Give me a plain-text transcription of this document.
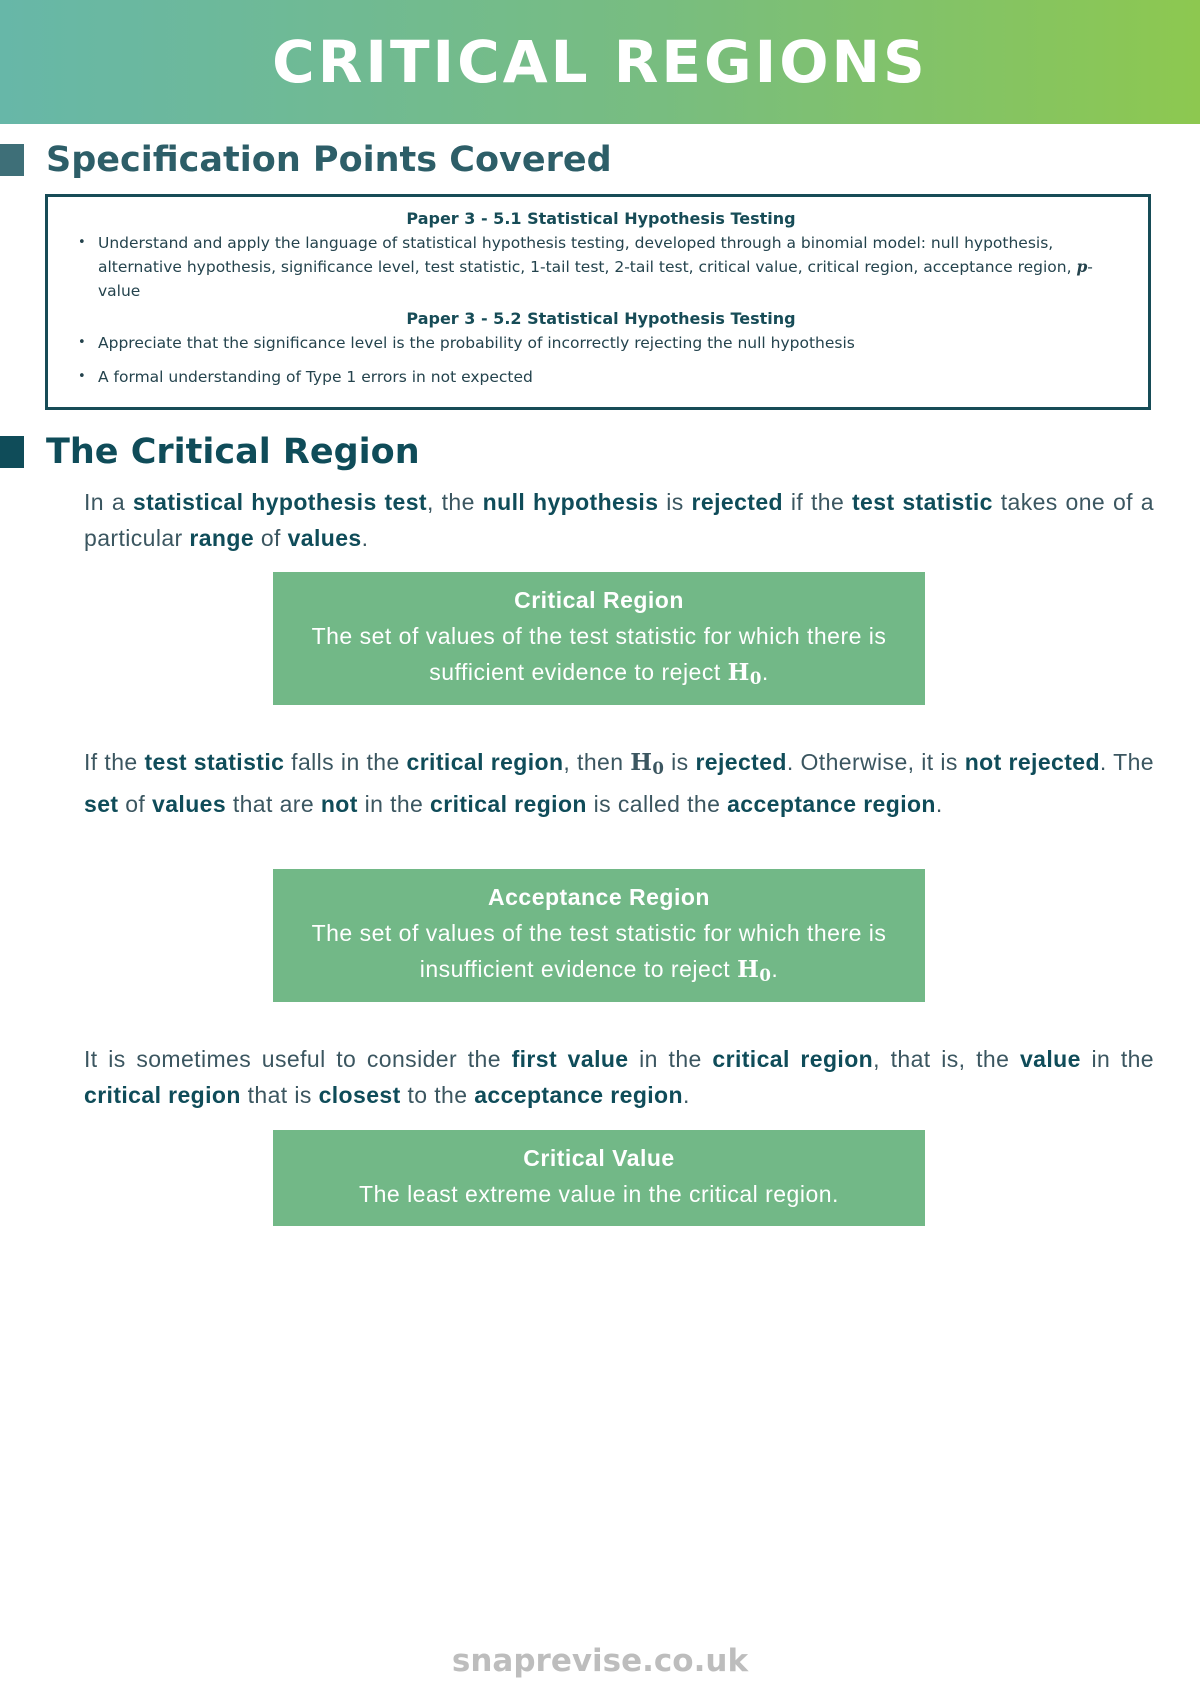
CRITICAL REGIONS
Specification Points Covered
Paper 3 - 5.1 Statistical Hypothesis Testing
• Understand and apply the language of statistical hypothesis testing, developed through a binomial model: null hypothesis, alternative hypothesis, significance level, test statistic, 1-tail test, 2-tail test, critical value, critical region, acceptance region, p-value
Paper 3 - 5.2 Statistical Hypothesis Testing
• Appreciate that the significance level is the probability of incorrectly rejecting the null hypothesis
• A formal understanding of Type 1 errors in not expected
The Critical Region
In a statistical hypothesis test, the null hypothesis is rejected if the test statistic takes one of a particular range of values.
Critical Region
The set of values of the test statistic for which there is sufficient evidence to reject $H_0$.
If the test statistic falls in the critical region, then $H_0$ is rejected. Otherwise, it is not rejected. The set of values that are not in the critical region is called the acceptance region.
Acceptance Region
The set of values of the test statistic for which there is insufficient evidence to reject $H_0$.
It is sometimes useful to consider the first value in the critical region, that is, the value in the critical region that is closest to the acceptance region.
Critical Value
The least extreme value in the critical region.
snaprevise.co.uk
